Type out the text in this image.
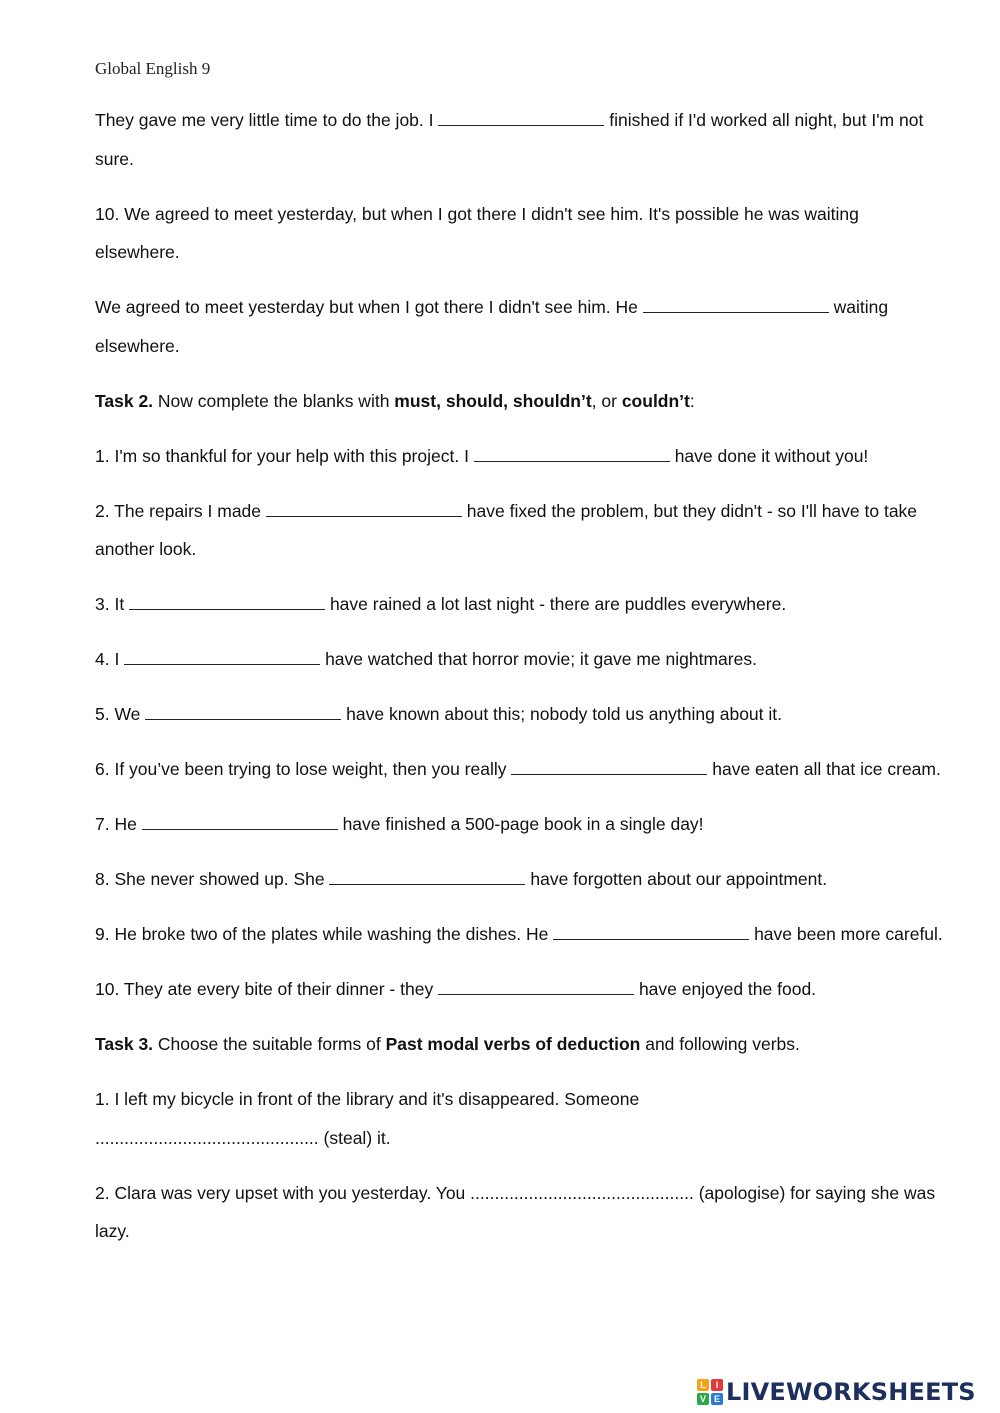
Global English 9

They gave me very little time to do the job. I	finished if I'd worked all night, but I'm not sure.

10. We agreed to meet yesterday, but when I got there I didn't see him. It's possible he was waiting elsewhere.

We agreed to meet yesterday but when I got there I didn't see him. He	waiting elsewhere.

Task 2. Now complete the blanks with must, should, shouldn’t, or couldn’t:

1. I'm so thankful for your help with this project. I	have done it without you!

2. The repairs I made	have fixed the problem, but they didn't - so I'll have to take another look.

3. It	have rained a lot last night - there are puddles everywhere.

4. I	have watched that horror movie; it gave me nightmares.

5. We	have known about this; nobody told us anything about it.

6. If you’ve been trying to lose weight, then you really	have eaten all that ice cream.

7. He	have finished a 500-page book in a single day!

8. She never showed up. She	have forgotten about our appointment.

9. He broke two of the plates while washing the dishes. He	have been more careful.

10. They ate every bite of their dinner - they	have enjoyed the food.

Task 3. Choose the suitable forms of Past modal verbs of deduction and following verbs.

1. I left my bicycle in front of the library and it's disappeared. Someone
.............................................. (steal) it.

2. Clara was very upset with you yesterday. You .............................................. (apologise) for saying she was lazy.

L	I
V E LIVEWORKSHEETS
